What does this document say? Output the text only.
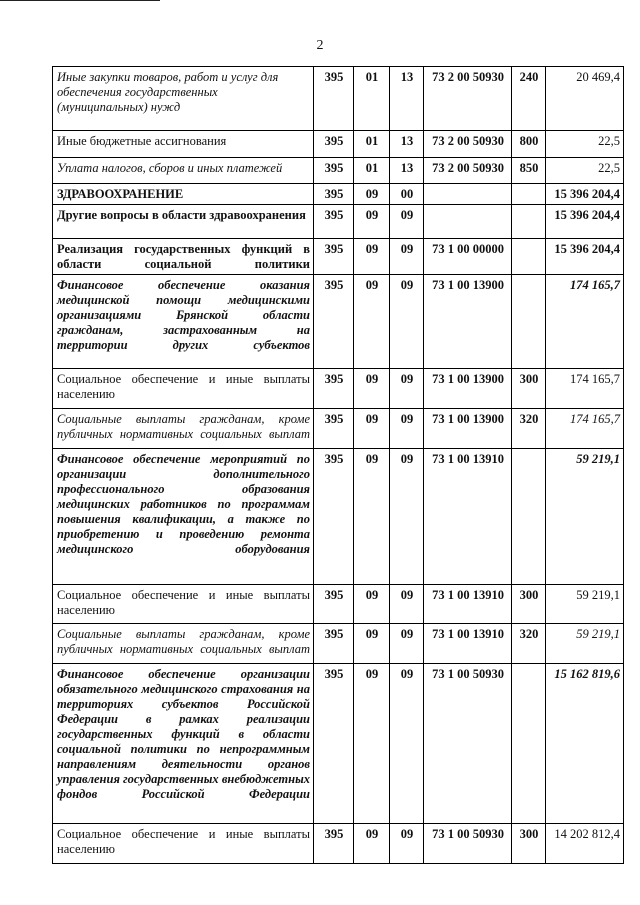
2
Иные закупки товаров, работ и услуг для обеспечения государственных (муниципальных) нужд	395	01	13	73 2 00 50930	240	20 469,4
Иные бюджетные ассигнования	395	01	13	73 2 00 50930	800	22,5
Уплата налогов, сборов и иных платежей	395	01	13	73 2 00 50930	850	22,5
ЗДРАВООХРАНЕНИЕ	395	09	00			15 396 204,4
Другие вопросы в области здравоохранения	395	09	09			15 396 204,4
Реализация государственных функций в области социальной политики	395	09	09	73 1 00 00000		15 396 204,4
Финансовое обеспечение оказания медицинской помощи медицинскими организациями Брянской области гражданам, застрахованным на территории других субъектов	395	09	09	73 1 00 13900		174 165,7
Социальное обеспечение и иные выплаты населению	395	09	09	73 1 00 13900	300	174 165,7
Социальные выплаты гражданам, кроме публичных нормативных социальных выплат	395	09	09	73 1 00 13900	320	174 165,7
Финансовое обеспечение мероприятий по организации дополнительного профессионального образования медицинских работников по программам повышения квалификации, а также по приобретению и проведению ремонта медицинского оборудования	395	09	09	73 1 00 13910		59 219,1
Социальное обеспечение и иные выплаты населению	395	09	09	73 1 00 13910	300	59 219,1
Социальные выплаты гражданам, кроме публичных нормативных социальных выплат	395	09	09	73 1 00 13910	320	59 219,1
Финансовое обеспечение организации обязательного медицинского страхования на территориях субъектов Российской Федерации в рамках реализации государственных функций в области социальной политики по непрограммным направлениям деятельности органов управления государственных внебюджетных фондов Российской Федерации	395	09	09	73 1 00 50930		15 162 819,6
Социальное обеспечение и иные выплаты населению	395	09	09	73 1 00 50930	300	14 202 812,4
